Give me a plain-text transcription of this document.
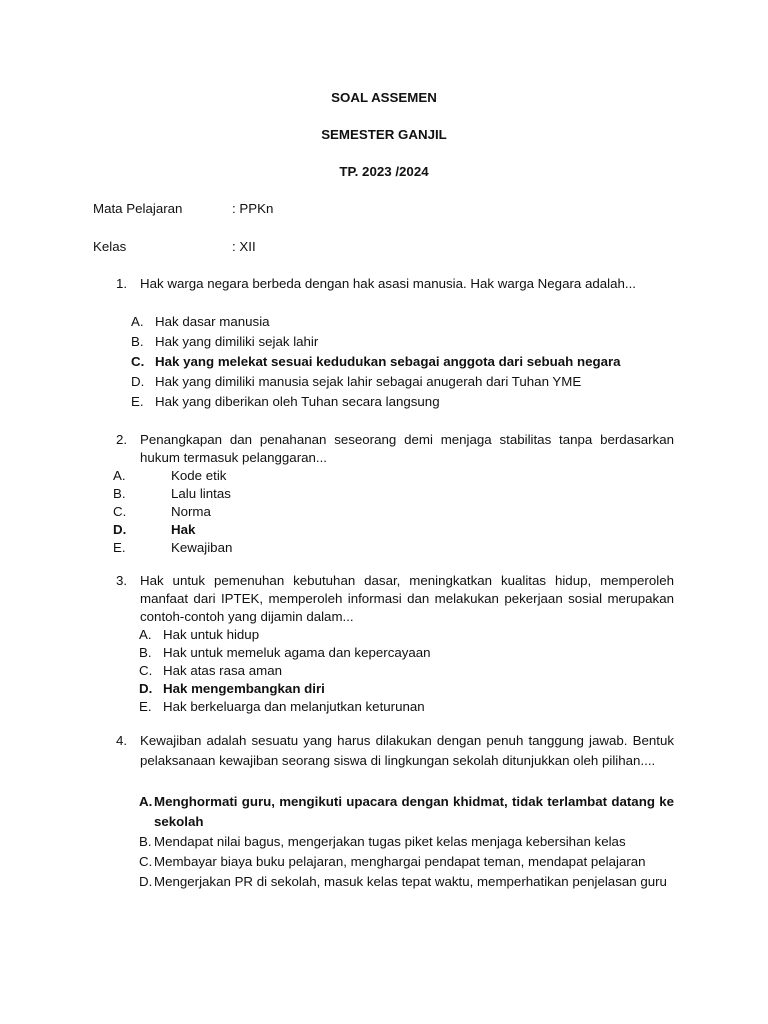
SOAL ASSEMEN
SEMESTER GANJIL
TP. 2023 /2024
Mata Pelajaran	: PPKn
Kelas	: XII
1. Hak warga negara berbeda dengan hak asasi manusia. Hak warga Negara adalah...
A. Hak dasar manusia
B. Hak yang dimiliki sejak lahir
C. Hak yang melekat sesuai kedudukan sebagai anggota dari sebuah negara
D. Hak yang dimiliki manusia sejak lahir sebagai anugerah dari Tuhan YME
E. Hak yang diberikan oleh Tuhan secara langsung
2. Penangkapan dan penahanan seseorang demi menjaga stabilitas tanpa berdasarkan hukum termasuk pelanggaran...
A.	Kode etik
B.	Lalu lintas
C.	Norma
D.	Hak
E.	Kewajiban
3. Hak untuk pemenuhan kebutuhan dasar, meningkatkan kualitas hidup, memperoleh manfaat dari IPTEK, memperoleh informasi dan melakukan pekerjaan sosial merupakan contoh-contoh yang dijamin dalam...
A. Hak untuk hidup
B. Hak untuk memeluk agama dan kepercayaan
C. Hak atas rasa aman
D. Hak mengembangkan diri
E. Hak berkeluarga dan melanjutkan keturunan
4. Kewajiban adalah sesuatu yang harus dilakukan dengan penuh tanggung jawab. Bentuk pelaksanaan kewajiban seorang siswa di lingkungan sekolah ditunjukkan oleh pilihan....
A. Menghormati guru, mengikuti upacara dengan khidmat, tidak terlambat datang ke sekolah
B. Mendapat nilai bagus, mengerjakan tugas piket kelas menjaga kebersihan kelas
C. Membayar biaya buku pelajaran, menghargai pendapat teman, mendapat pelajaran
D. Mengerjakan PR di sekolah, masuk kelas tepat waktu, memperhatikan penjelasan guru
